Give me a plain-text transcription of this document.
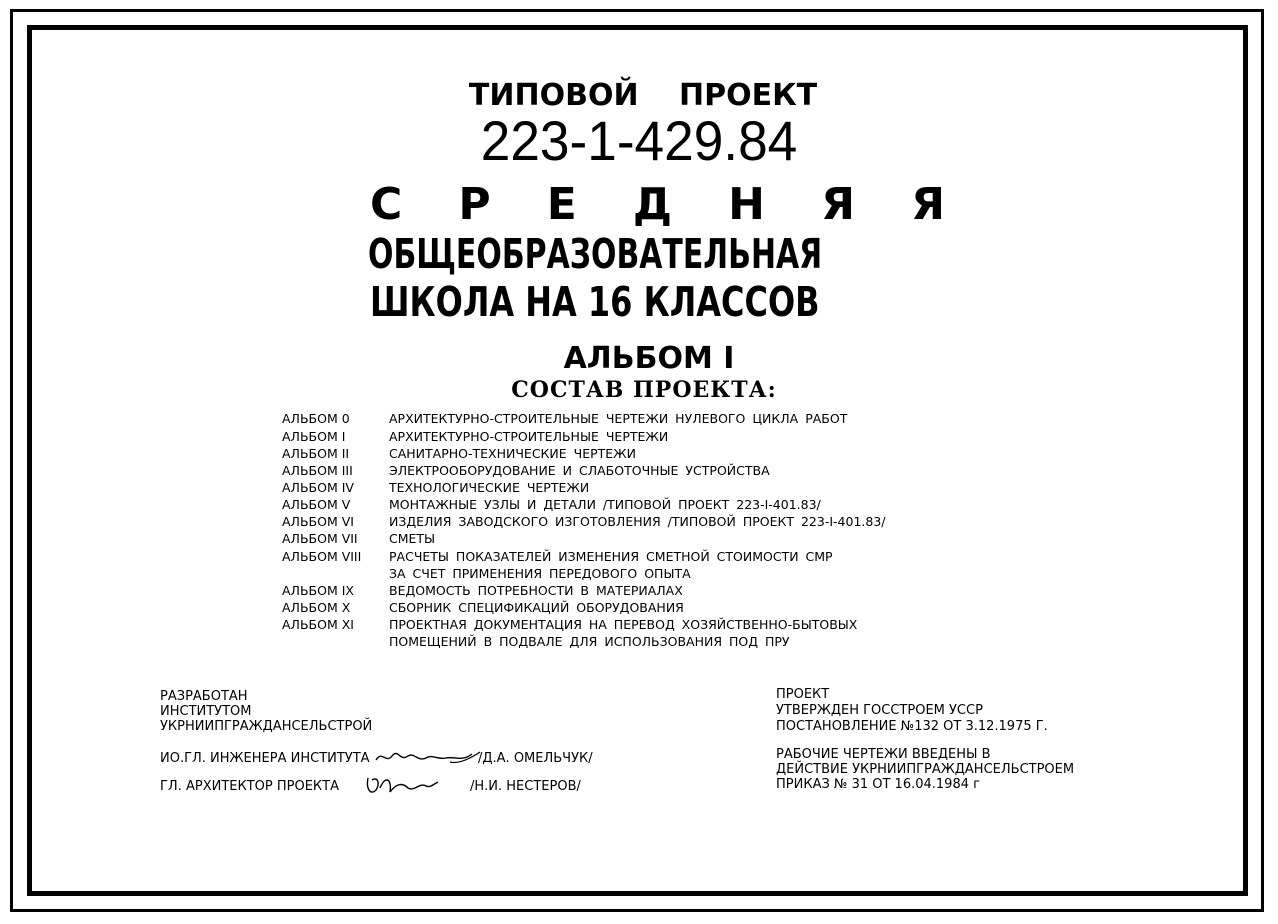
ТИПОВОЙ ПРОЕКТ
223-1-429.84
С Р Е Д Н Я Я
ОБЩЕОБРАЗОВАТЕЛЬНАЯ
ШКОЛА НА 16 КЛАССОВ
АЛЬБОМ I
СОСТАВ ПРОЕКТА:
АЛЬБОМ 0	АРХИТЕКТУРНО-СТРОИТЕЛЬНЫЕ ЧЕРТЕЖИ НУЛЕВОГО ЦИКЛА РАБОТ
АЛЬБОМ I	АРХИТЕКТУРНО-СТРОИТЕЛЬНЫЕ ЧЕРТЕЖИ
АЛЬБОМ II	САНИТАРНО-ТЕХНИЧЕСКИЕ ЧЕРТЕЖИ
АЛЬБОМ III	ЭЛЕКТРООБОРУДОВАНИЕ И СЛАБОТОЧНЫЕ УСТРОЙСТВА
АЛЬБОМ IV	ТЕХНОЛОГИЧЕСКИЕ ЧЕРТЕЖИ
АЛЬБОМ V	МОНТАЖНЫЕ УЗЛЫ И ДЕТАЛИ /ТИПОВОЙ ПРОЕКТ 223-I-401.83/
АЛЬБОМ VI	ИЗДЕЛИЯ ЗАВОДСКОГО ИЗГОТОВЛЕНИЯ /ТИПОВОЙ ПРОЕКТ 223-I-401.83/
АЛЬБОМ VII	СМЕТЫ
АЛЬБОМ VIII РАСЧЕТЫ ПОКАЗАТЕЛЕЙ ИЗМЕНЕНИЯ СМЕТНОЙ СТОИМОСТИ СМР
ЗА СЧЕТ ПРИМЕНЕНИЯ ПЕРЕДОВОГО ОПЫТА
АЛЬБОМ IX	ВЕДОМОСТЬ ПОТРЕБНОСТИ В МАТЕРИАЛАХ
АЛЬБОМ X	СБОРНИК СПЕЦИФИКАЦИЙ ОБОРУДОВАНИЯ
АЛЬБОМ XI	ПРОЕКТНАЯ ДОКУМЕНТАЦИЯ НА ПЕРЕВОД ХОЗЯЙСТВЕННО-БЫТОВЫХ
ПОМЕЩЕНИЙ В ПОДВАЛЕ ДЛЯ ИСПОЛЬЗОВАНИЯ ПОД ПРУ
РАЗРАБОТАН
ИНСТИТУТОМ
УКРНИИПГРАЖДАНСЕЛЬСТРОЙ
ИО.ГЛ. ИНЖЕНЕРА ИНСТИТУТА	/Д.А. ОМЕЛЬЧУК/
ГЛ. АРХИТЕКТОР ПРОЕКТА	/Н.И. НЕСТЕРОВ/
ПРОЕКТ
УТВЕРЖДЕН ГОССТРОЕМ УССР
ПОСТАНОВЛЕНИЕ №132 ОТ 3.12.1975 Г.
РАБОЧИЕ ЧЕРТЕЖИ ВВЕДЕНЫ В
ДЕЙСТВИЕ УКРНИИПГРАЖДАНСЕЛЬСТРОЕМ
ПРИКАЗ № 31 ОТ 16.04.1984 г
